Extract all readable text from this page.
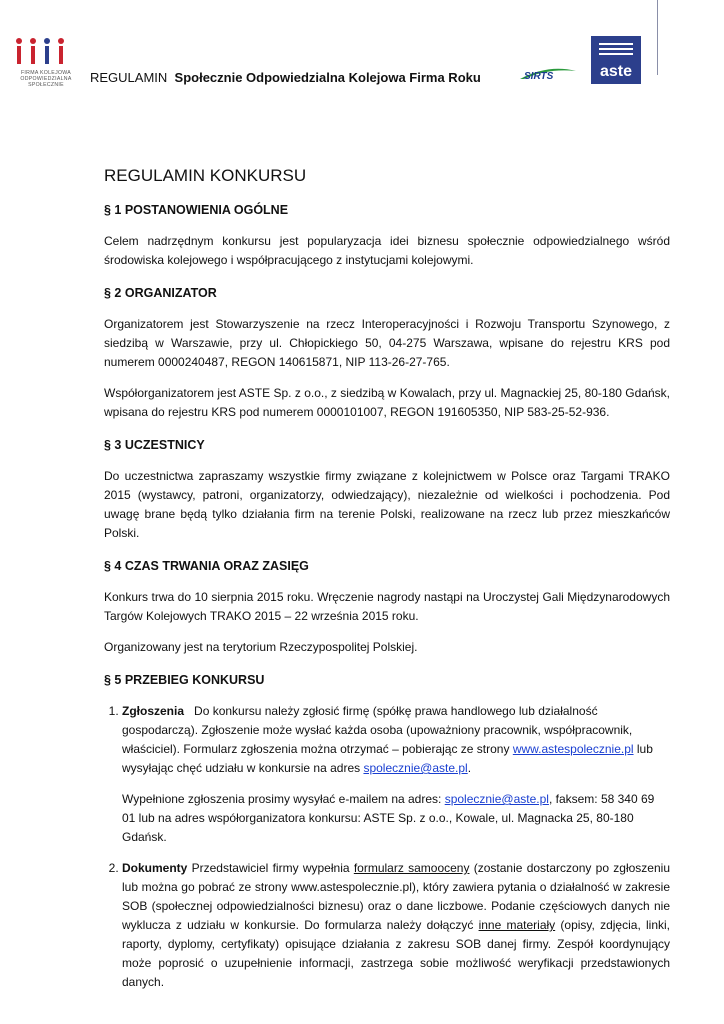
FIRMA KOLEJOWA ODPOWIEDZIALNA SPOŁECZNIE	REGULAMIN Społecznie Odpowiedzialna Kolejowa Firma Roku	SIRTS	aste
REGULAMIN KONKURSU
§ 1 POSTANOWIENIA OGÓLNE

Celem nadrzędnym konkursu jest popularyzacja idei biznesu społecznie odpowiedzialnego wśród środowiska kolejowego i współpracującego z instytucjami kolejowymi.

§ 2 ORGANIZATOR

Organizatorem jest Stowarzyszenie na rzecz Interoperacyjności i Rozwoju Transportu Szynowego, z siedzibą w Warszawie, przy ul. Chłopickiego 50, 04-275 Warszawa, wpisane do rejestru KRS pod numerem 0000240487, REGON 140615871, NIP 113-26-27-765.

Współorganizatorem jest ASTE Sp. z o.o., z siedzibą w Kowalach, przy ul. Magnackiej 25, 80-180 Gdańsk, wpisana do rejestru KRS pod numerem 0000101007, REGON 191605350, NIP 583-25-52-936.

§ 3 UCZESTNICY

Do uczestnictwa zapraszamy wszystkie firmy związane z kolejnictwem w Polsce oraz Targami TRAKO 2015 (wystawcy, patroni, organizatorzy, odwiedzający), niezależnie od wielkości i pochodzenia. Pod uwagę brane będą tylko działania firm na terenie Polski, realizowane na rzecz lub przez mieszkańców Polski.

§ 4 CZAS TRWANIA ORAZ ZASIĘG

Konkurs trwa do 10 sierpnia 2015 roku. Wręczenie nagrody nastąpi na Uroczystej Gali Międzynarodowych Targów Kolejowych TRAKO 2015 – 22 września 2015 roku.

Organizowany jest na terytorium Rzeczypospolitej Polskiej.

§ 5 PRZEBIEG KONKURSU

1. Zgłoszenia Do konkursu należy zgłosić firmę (spółkę prawa handlowego lub działalność gospodarczą). Zgłoszenie może wysłać każda osoba (upoważniony pracownik, współpracownik, właściciel). Formularz zgłoszenia można otrzymać – pobierając ze strony www.astespolecznie.pl lub wysyłając chęć udziału w konkursie na adres spolecznie@aste.pl.

Wypełnione zgłoszenia prosimy wysyłać e-mailem na adres: spolecznie@aste.pl, faksem: 58 340 69 01 lub na adres współorganizatora konkursu: ASTE Sp. z o.o., Kowale, ul. Magnacka 25, 80-180 Gdańsk.

2. Dokumenty Przedstawiciel firmy wypełnia formularz samooceny (zostanie dostarczony po zgłoszeniu lub można go pobrać ze strony www.astespolecznie.pl), który zawiera pytania o działalność w zakresie SOB (społecznej odpowiedzialności biznesu) oraz o dane liczbowe. Podanie częściowych danych nie wyklucza z udziału w konkursie. Do formularza należy dołączyć inne materiały (opisy, zdjęcia, linki, raporty, dyplomy, certyfikaty) opisujące działania z zakresu SOB danej firmy. Zespół koordynujący może poprosić o uzupełnienie informacji, zastrzega sobie możliwość weryfikacji przedstawionych danych.
